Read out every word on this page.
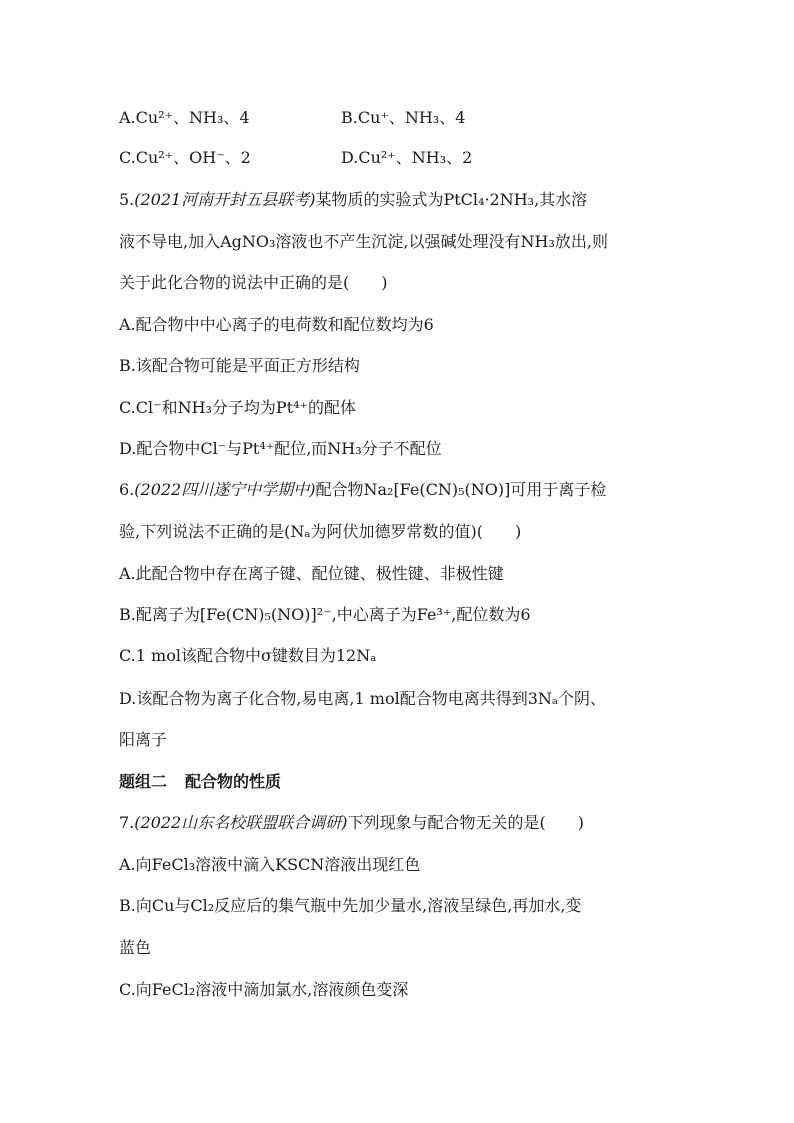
A.Cu²⁺、NH₃、4	B.Cu⁺、NH₃、4
C.Cu²⁺、OH⁻、2	D.Cu²⁺、NH₃、2
5.(2021河南开封五县联考)某物质的实验式为PtCl₄·2NH₃,其水溶
液不导电,加入AgNO₃溶液也不产生沉淀,以强碱处理没有NH₃放出,则
关于此化合物的说法中正确的是(　　)
A.配合物中中心离子的电荷数和配位数均为6
B.该配合物可能是平面正方形结构
C.Cl⁻和NH₃分子均为Pt⁴⁺的配体
D.配合物中Cl⁻与Pt⁴⁺配位,而NH₃分子不配位
6.(2022四川遂宁中学期中)配合物Na₂[Fe(CN)₅(NO)]可用于离子检
验,下列说法不正确的是(Nₐ为阿伏加德罗常数的值)(　　)
A.此配合物中存在离子键、配位键、极性键、非极性键
B.配离子为[Fe(CN)₅(NO)]²⁻,中心离子为Fe³⁺,配位数为6
C.1 mol该配合物中σ键数目为12Nₐ
D.该配合物为离子化合物,易电离,1 mol配合物电离共得到3Nₐ个阴、
阳离子
题组二 配合物的性质
7.(2022山东名校联盟联合调研)下列现象与配合物无关的是(　　)
A.向FeCl₃溶液中滴入KSCN溶液出现红色
B.向Cu与Cl₂反应后的集气瓶中先加少量水,溶液呈绿色,再加水,变
蓝色
C.向FeCl₂溶液中滴加氯水,溶液颜色变深
